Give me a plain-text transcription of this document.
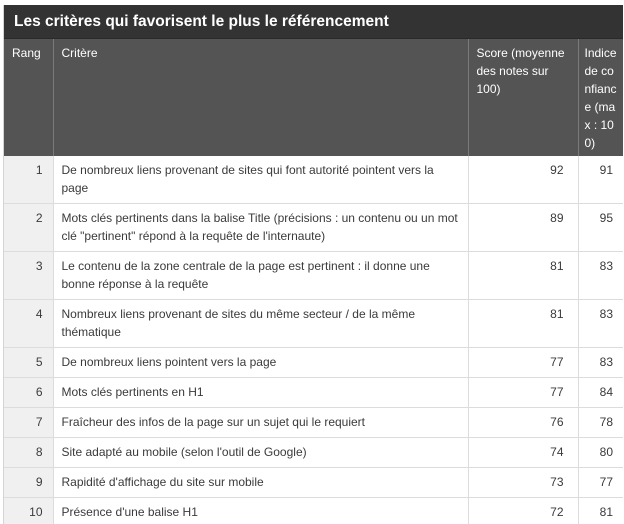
Les critères qui favorisent le plus le référencement
Rang	Critère	Score (moyenne des notes sur 100)	Indice de confiance (max : 100)
1	De nombreux liens provenant de sites qui font autorité pointent vers la page	92	91
2	Mots clés pertinents dans la balise Title (précisions : un contenu ou un mot clé "pertinent" répond à la requête de l'internaute)	89	95
3	Le contenu de la zone centrale de la page est pertinent : il donne une bonne réponse à la requête	81	83
4	Nombreux liens provenant de sites du même secteur / de la même thématique	81	83
5	De nombreux liens pointent vers la page	77	83
6	Mots clés pertinents en H1	77	84
7	Fraîcheur des infos de la page sur un sujet qui le requiert	76	78
8	Site adapté au mobile (selon l'outil de Google)	74	80
9	Rapidité d'affichage du site sur mobile	73	77
10	Présence d'une balise H1	72	81
